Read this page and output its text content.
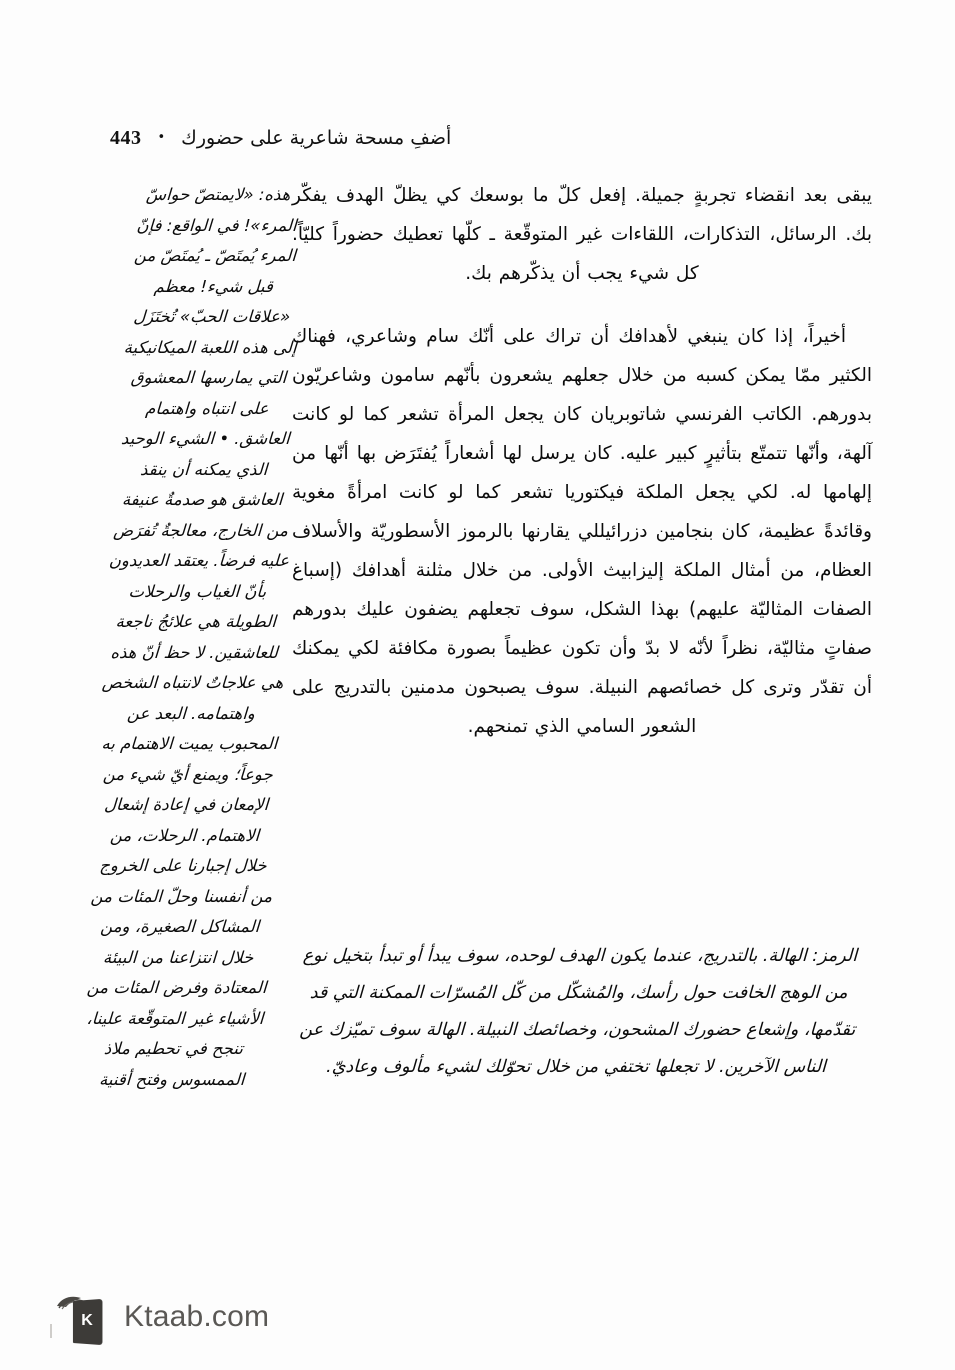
443	• أضفِ مسحة شاعرية على حضورك
هذه: «لايمتصّ حواسّ المرء»! في الواقع: فإنّ المرء يُمتَصّ ـ يُمتَصّ من قبل شيء! معظم «علاقات الحبّ» تُختَزَل إلى هذه اللعبة الميكانيكية التي يمارسها المعشوق على انتباه واهتمام العاشق. • الشيء الوحيد الذي يمكنه أن ينقذ العاشق هو صدمةٌ عنيفة من الخارج، معالجةٌ تُفرَض عليه فرضاً. يعتقد العديدون بأنّ الغياب والرحلات الطويلة هي علائجُ ناجعة للعاشقين. لا حظ أنّ هذه هي علاجاتٌ لانتباه الشخص واهتمامه. البعد عن المحبوب يميت الاهتمام به جوعاً؛ ويمنع أيّ شيء من الإمعان في إعادة إشعال الاهتمام. الرحلات، من خلال إجبارنا على الخروج من أنفسنا وحلّ المئات من المشاكل الصغيرة، ومن خلال انتزاعنا من البيئة المعتادة وفرض المئات من الأشياء غير المتوقّعة علينا، تنجح في تحطيم ملاذ الممسوس وفتح أقنية

يبقى بعد انقضاء تجربةٍ جميلة. إفعل كلّ ما بوسعك كي يظلّ الهدف يفكّر بك. الرسائل، التذكارات، اللقاءات غير المتوقّعة ـ كلّها تعطيك حضوراً كليّاً. كل شيء يجب أن يذكّرهم بك.

أخيراً، إذا كان ينبغي لأهدافك أن تراك على أنّك سام وشاعري، فهناك الكثير ممّا يمكن كسبه من خلال جعلهم يشعرون بأنّهم سامون وشاعريّون بدورهم. الكاتب الفرنسي شاتوبريان كان يجعل المرأة تشعر كما لو كانت آلهة، وأنّها تتمتّع بتأثيرٍ كبير عليه. كان يرسل لها أشعاراً يُفتَرَض بها أنّها من إلهامها له. لكي يجعل الملكة فيكتوريا تشعر كما لو كانت امرأةً مغوية وقائدةً عظيمة، كان بنجامين دزرائيللي يقارنها بالرموز الأسطوريّة والأسلاف العظام، من أمثال الملكة إليزابيث الأولى. من خلال مثلنة أهدافك (إسباغ الصفات المثاليّة عليهم) بهذا الشكل، سوف تجعلهم يضفون عليك بدورهم صفاتٍ مثاليّة، نظراً لأنّه لا بدّ وأن تكون عظيماً بصورة مكافئة لكي يمكنك أن تقدّر وترى كل خصائصهم النبيلة. سوف يصبحون مدمنين بالتدريج على الشعور السامي الذي تمنحهم.

الرمز: الهالة. بالتدريج، عندما يكون الهدف لوحده، سوف يبدأ أو تبدأ بتخيل نوع من الوهج الخافت حول رأسك، والمُشكّل من كّل المُسرّات الممكنة التي قد تقدّمها، وإشعاع حضورك المشحون، وخصائصك النبيلة. الهالة سوف تميّزك عن الناس الآخرين. لا تجعلها تختفي من خلال تحوّلك لشيء مألوف وعاديّ.
K Ktaab.com
